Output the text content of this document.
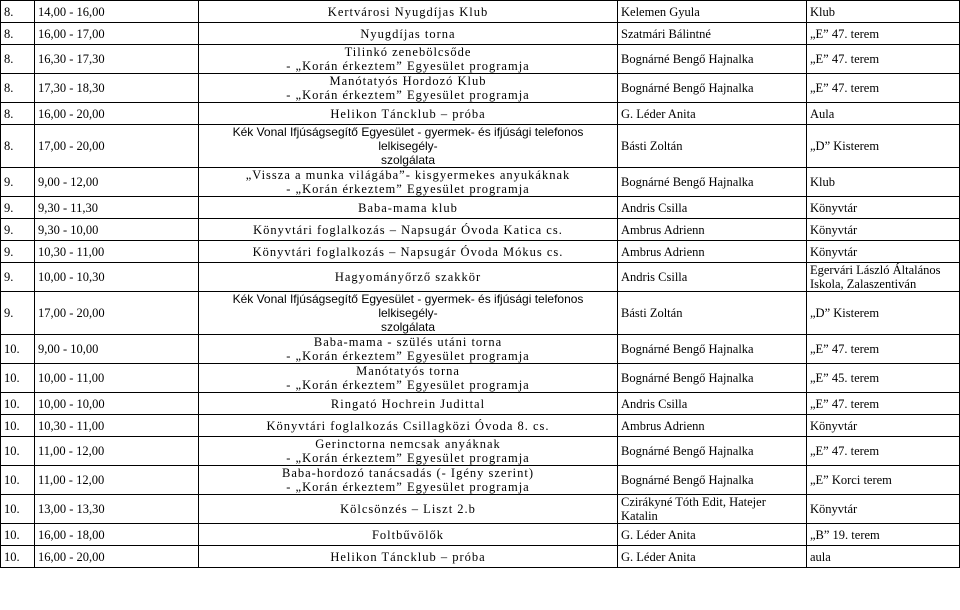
8.	14,00 - 16,00	Kertvárosi Nyugdíjas Klub	Kelemen Gyula	Klub
8.	16,00 - 17,00	Nyugdíjas torna	Szatmári Bálintné	„E” 47. terem
8.	16,30 - 17,30	Tilinkó zenebölcsőde
- „Korán érkeztem” Egyesület programja	Bognárné Bengő Hajnalka	„E” 47. terem
8.	17,30 - 18,30	Manótatyós Hordozó Klub
- „Korán érkeztem” Egyesület programja	Bognárné Bengő Hajnalka	„E” 47. terem
8.	16,00 - 20,00	Helikon Táncklub – próba	G. Léder Anita	Aula
8.	17,00 - 20,00	Kék Vonal Ifjúságsegítő Egyesület - gyermek- és ifjúsági telefonos lelkisegély-
szolgálata	Básti Zoltán	„D” Kisterem
9.	9,00 - 12,00	„Vissza a munka világába”- kisgyermekes anyukáknak
- „Korán érkeztem” Egyesület programja	Bognárné Bengő Hajnalka	Klub
9.	9,30 - 11,30	Baba-mama klub	Andris Csilla	Könyvtár
9.	9,30 - 10,00	Könyvtári foglalkozás – Napsugár Óvoda Katica cs.	Ambrus Adrienn	Könyvtár
9.	10,30 - 11,00	Könyvtári foglalkozás – Napsugár Óvoda Mókus cs.	Ambrus Adrienn	Könyvtár
9.	10,00 - 10,30	Hagyományőrző szakkör	Andris Csilla	Egervári László Általános Iskola, Zalaszentiván
9.	17,00 - 20,00	Kék Vonal Ifjúságsegítő Egyesület - gyermek- és ifjúsági telefonos lelkisegély-
szolgálata	Básti Zoltán	„D” Kisterem
10.	9,00 - 10,00	Baba-mama - szülés utáni torna
- „Korán érkeztem” Egyesület programja	Bognárné Bengő Hajnalka	„E” 47. terem
10.	10,00 - 11,00	Manótatyós torna
- „Korán érkeztem” Egyesület programja	Bognárné Bengő Hajnalka	„E” 45. terem
10.	10,00 - 10,00	Ringató Hochrein Judittal	Andris Csilla	„E” 47. terem
10.	10,30 - 11,00	Könyvtári foglalkozás Csillagközi Óvoda 8. cs.	Ambrus Adrienn	Könyvtár
10.	11,00 - 12,00	Gerinctorna nemcsak anyáknak
- „Korán érkeztem” Egyesület programja	Bognárné Bengő Hajnalka	„E” 47. terem
10.	11,00 - 12,00	Baba-hordozó tanácsadás (- Igény szerint)
- „Korán érkeztem” Egyesület programja	Bognárné Bengő Hajnalka	„E” Korci terem
10.	13,00 - 13,30	Kölcsönzés – Liszt 2.b	Czirákyné Tóth Edit, Hatejer Katalin	Könyvtár
10.	16,00 - 18,00	Foltbűvölők	G. Léder Anita	„B” 19. terem
10.	16,00 - 20,00	Helikon Táncklub – próba	G. Léder Anita	aula
